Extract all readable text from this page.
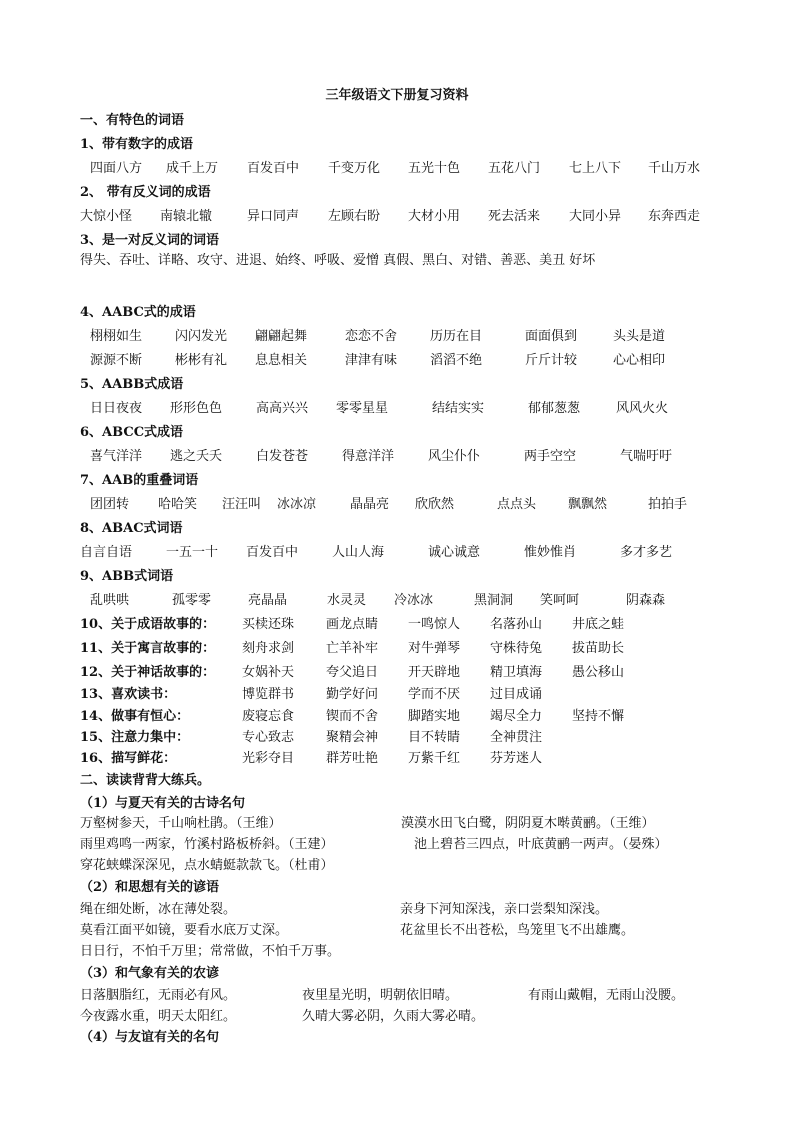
三年级语文下册复习资料
一、有特色的词语
1、带有数字的成语
四面八方 成千上万 百发百中 千变万化 五光十色 五花八门 七上八下 千山万水
2、 带有反义词的成语
大惊小怪 南辕北辙	异口同声 左顾右盼 大材小用 死去活来 大同小异 东奔西走
3、是一对反义词的词语
得失、吞吐、详略、攻守、进退、始终、呼吸、爱憎 真假、黑白、对错、善恶、美丑 好坏
4、AABC式的成语
栩栩如生	闪闪发光 翩翩起舞	恋恋不舍	历历在目	面面俱到	头头是道
源源不断	彬彬有礼 息息相关	津津有味	滔滔不绝	斤斤计较	心心相印
5、AABB式成语
日日夜夜 形形色色	高高兴兴 零零星星	结结实实	郁郁葱葱	风风火火
6、ABCC式成语
喜气洋洋 逃之夭夭	白发苍苍	得意洋洋	风尘仆仆	两手空空	气喘吁吁
7、AAB的重叠词语
团团转 哈哈笑 汪汪叫 冰冰凉	晶晶亮 欣欣然	点点头 飘飘然	拍拍手
8、ABAC式词语
自言自语	一五一十 百发百中	人山人海	诚心诚意	惟妙惟肖	多才多艺
9、ABB式词语
乱哄哄	孤零零	亮晶晶	水灵灵 冷冰冰	黑洞洞 笑呵呵	阴森森
10、关于成语故事的： 买椟还珠 画龙点睛 一鸣惊人 名落孙山 井底之蛙
11、关于寓言故事的： 刻舟求剑 亡羊补牢 对牛弹琴 守株待兔 拔苗助长
12、关于神话故事的： 女娲补天 夸父追日 开天辟地 精卫填海 愚公移山
13、喜欢读书：	博览群书 勤学好问 学而不厌 过目成诵
14、做事有恒心：	废寝忘食 锲而不舍 脚踏实地 竭尽全力 坚持不懈
15、注意力集中：	专心致志 聚精会神 目不转睛 全神贯注
16、描写鲜花：	光彩夺目 群芳吐艳 万紫千红 芬芳迷人
二、读读背背大练兵。
（1）与夏天有关的古诗名句
万壑树参天，千山响杜鹃。（王维）	漠漠水田飞白鹭，阴阴夏木啭黄鹂。（王维）
雨里鸡鸣一两家，竹溪村路板桥斜。（王建）	池上碧苔三四点，叶底黄鹂一两声。（晏殊）
穿花蛱蝶深深见，点水蜻蜓款款飞。（杜甫）
（2）和思想有关的谚语
绳在细处断，冰在薄处裂。	亲身下河知深浅，亲口尝梨知深浅。
莫看江面平如镜，要看水底万丈深。	花盆里长不出苍松，鸟笼里飞不出雄鹰。
日日行，不怕千万里；常常做，不怕千万事。
（3）和气象有关的农谚
日落胭脂红，无雨必有风。	夜里星光明，明朝依旧晴。	有雨山戴帽，无雨山没腰。
今夜露水重，明天太阳红。	久晴大雾必阴，久雨大雾必晴。
（4）与友谊有关的名句
